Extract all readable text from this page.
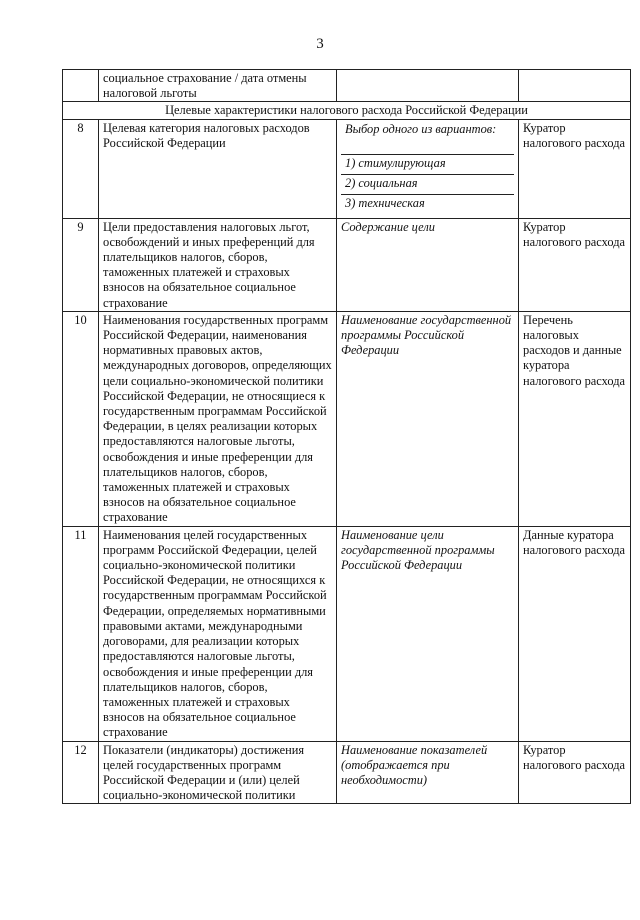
3
	социальное страхование / дата отмены налоговой льготы		
Целевые характеристики налогового расхода Российской Федерации			
8	Целевая категория налоговых расходов Российской Федерации	Выбор одного из вариантов:
1) стимулирующая
2) социальная
3) техническая	Куратор налогового расхода
9	Цели предоставления налоговых льгот, освобождений и иных преференций для плательщиков налогов, сборов, таможенных платежей и страховых взносов на обязательное социальное страхование	Содержание цели	Куратор налогового расхода
10	Наименования государственных программ Российской Федерации, наименования нормативных правовых актов, международных договоров, определяющих цели социально-экономической политики Российской Федерации, не относящиеся к государственным программам Российской Федерации, в целях реализации которых предоставляются налоговые льготы, освобождения и иные преференции для плательщиков налогов, сборов, таможенных платежей и страховых взносов на обязательное социальное страхование	Наименование государственной программы Российской Федерации	Перечень налоговых расходов и данные куратора налогового расхода
11	Наименования целей государственных программ Российской Федерации, целей социально-экономической политики Российской Федерации, не относящихся к государственным программам Российской Федерации, определяемых нормативными правовыми актами, международными договорами, для реализации которых предоставляются налоговые льготы, освобождения и иные преференции для плательщиков налогов, сборов, таможенных платежей и страховых взносов на обязательное социальное страхование	Наименование цели государственной программы Российской Федерации	Данные куратора налогового расхода
12	Показатели (индикаторы) достижения целей государственных программ Российской Федерации и (или) целей социально-экономической политики	Наименование показателей (отображается при необходимости)	Куратор налогового расхода
